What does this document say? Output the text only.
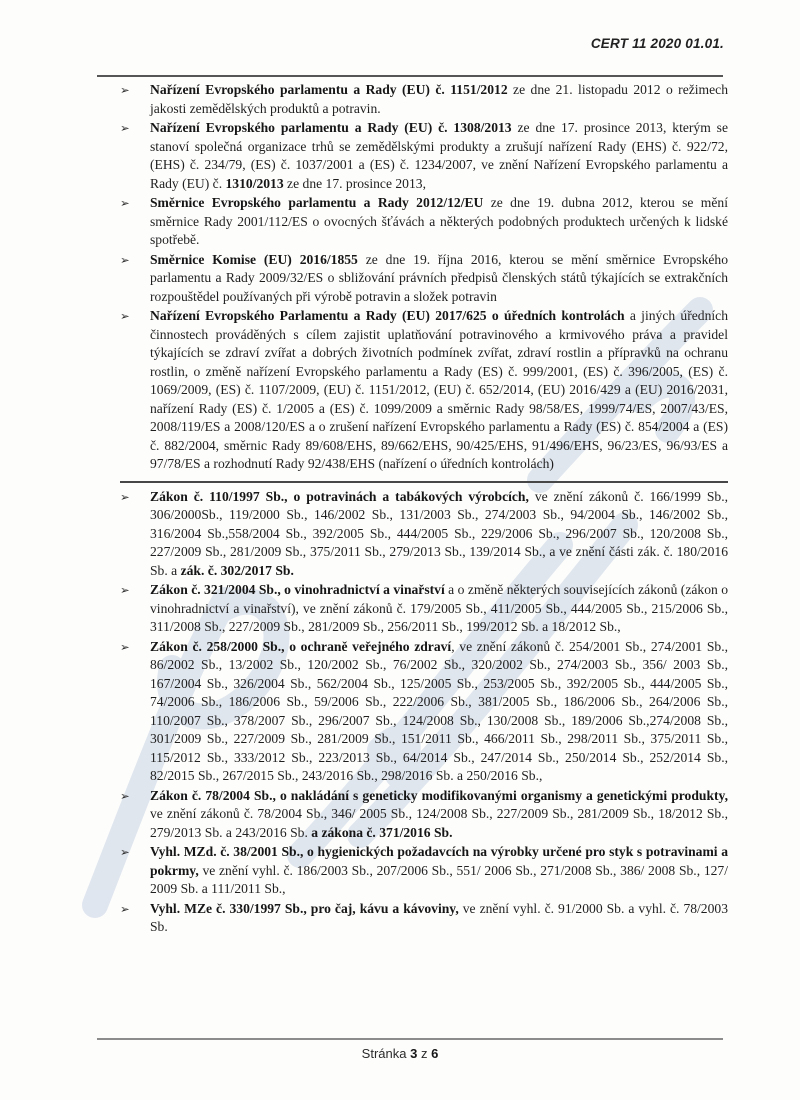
CERT 11 2020 01.01.
➢	Nařízení Evropského parlamentu a Rady (EU) č. 1151/2012 ze dne 21. listopadu 2012 o režimech jakosti zemědělských produktů a potravin.
➢	Nařízení Evropského parlamentu a Rady (EU) č. 1308/2013 ze dne 17. prosince 2013, kterým se stanoví společná organizace trhů se zemědělskými produkty a zrušují nařízení Rady (EHS) č. 922/72, (EHS) č. 234/79, (ES) č. 1037/2001 a (ES) č. 1234/2007, ve znění Nařízení Evropského parlamentu a Rady (EU) č. 1310/2013 ze dne 17. prosince 2013,
➢	Směrnice Evropského parlamentu a Rady 2012/12/EU ze dne 19. dubna 2012, kterou se mění směrnice Rady 2001/112/ES o ovocných šťávách a některých podobných produktech určených k lidské spotřebě.
➢	Směrnice Komise (EU) 2016/1855 ze dne 19. října 2016, kterou se mění směrnice Evropského parlamentu a Rady 2009/32/ES o sbližování právních předpisů členských států týkajících se extrakčních rozpouštědel používaných při výrobě potravin a složek potravin
➢	Nařízení Evropského Parlamentu a Rady (EU) 2017/625 o úředních kontrolách a jiných úředních činnostech prováděných s cílem zajistit uplatňování potravinového a krmivového práva a pravidel týkajících se zdraví zvířat a dobrých životních podmínek zvířat, zdraví rostlin a přípravků na ochranu rostlin, o změně nařízení Evropského parlamentu a Rady (ES) č. 999/2001, (ES) č. 396/2005, (ES) č. 1069/2009, (ES) č. 1107/2009, (EU) č. 1151/2012, (EU) č. 652/2014, (EU) 2016/429 a (EU) 2016/2031, nařízení Rady (ES) č. 1/2005 a (ES) č. 1099/2009 a směrnic Rady 98/58/ES, 1999/74/ES, 2007/43/ES, 2008/119/ES a 2008/120/ES a o zrušení nařízení Evropského parlamentu a Rady (ES) č. 854/2004 a (ES) č. 882/2004, směrnic Rady 89/608/EHS, 89/662/EHS, 90/425/EHS, 91/496/EHS, 96/23/ES, 96/93/ES a 97/78/ES a rozhodnutí Rady 92/438/EHS (nařízení o úředních kontrolách)
➢	Zákon č. 110/1997 Sb., o potravinách a tabákových výrobcích, ve znění zákonů č. 166/1999 Sb., 306/2000Sb., 119/2000 Sb., 146/2002 Sb., 131/2003 Sb., 274/2003 Sb., 94/2004 Sb., 146/2002 Sb., 316/2004 Sb.,558/2004 Sb., 392/2005 Sb., 444/2005 Sb., 229/2006 Sb., 296/2007 Sb., 120/2008 Sb., 227/2009 Sb., 281/2009 Sb., 375/2011 Sb., 279/2013 Sb., 139/2014 Sb., a ve znění části zák. č. 180/2016 Sb. a zák. č. 302/2017 Sb.
➢	Zákon č. 321/2004 Sb., o vinohradnictví a vinařství a o změně některých souvisejících zákonů (zákon o vinohradnictví a vinařství), ve znění zákonů č. 179/2005 Sb., 411/2005 Sb., 444/2005 Sb., 215/2006 Sb., 311/2008 Sb., 227/2009 Sb., 281/2009 Sb., 256/2011 Sb., 199/2012 Sb. a 18/2012 Sb.,
➢	Zákon č. 258/2000 Sb., o ochraně veřejného zdraví, ve znění zákonů č. 254/2001 Sb., 274/2001 Sb., 86/2002 Sb., 13/2002 Sb., 120/2002 Sb., 76/2002 Sb., 320/2002 Sb., 274/2003 Sb., 356/ 2003 Sb., 167/2004 Sb., 326/2004 Sb., 562/2004 Sb., 125/2005 Sb., 253/2005 Sb., 392/2005 Sb., 444/2005 Sb., 74/2006 Sb., 186/2006 Sb., 59/2006 Sb., 222/2006 Sb., 381/2005 Sb., 186/2006 Sb., 264/2006 Sb., 110/2007 Sb., 378/2007 Sb., 296/2007 Sb., 124/2008 Sb., 130/2008 Sb., 189/2006 Sb.,274/2008 Sb., 301/2009 Sb., 227/2009 Sb., 281/2009 Sb., 151/2011 Sb., 466/2011 Sb., 298/2011 Sb., 375/2011 Sb., 115/2012 Sb., 333/2012 Sb., 223/2013 Sb., 64/2014 Sb., 247/2014 Sb., 250/2014 Sb., 252/2014 Sb., 82/2015 Sb., 267/2015 Sb., 243/2016 Sb., 298/2016 Sb. a 250/2016 Sb.,
➢	Zákon č. 78/2004 Sb., o nakládání s geneticky modifikovanými organismy a genetickými produkty, ve znění zákonů č. 78/2004 Sb., 346/ 2005 Sb., 124/2008 Sb., 227/2009 Sb., 281/2009 Sb., 18/2012 Sb., 279/2013 Sb. a 243/2016 Sb. a zákona č. 371/2016 Sb.
➢	Vyhl. MZd. č. 38/2001 Sb., o hygienických požadavcích na výrobky určené pro styk s potravinami a pokrmy, ve znění vyhl. č. 186/2003 Sb., 207/2006 Sb., 551/ 2006 Sb., 271/2008 Sb., 386/ 2008 Sb., 127/ 2009 Sb. a 111/2011 Sb.,
➢	Vyhl. MZe č. 330/1997 Sb., pro čaj, kávu a kávoviny, ve znění vyhl. č. 91/2000 Sb. a vyhl. č. 78/2003 Sb.
Stránka 3 z 6
